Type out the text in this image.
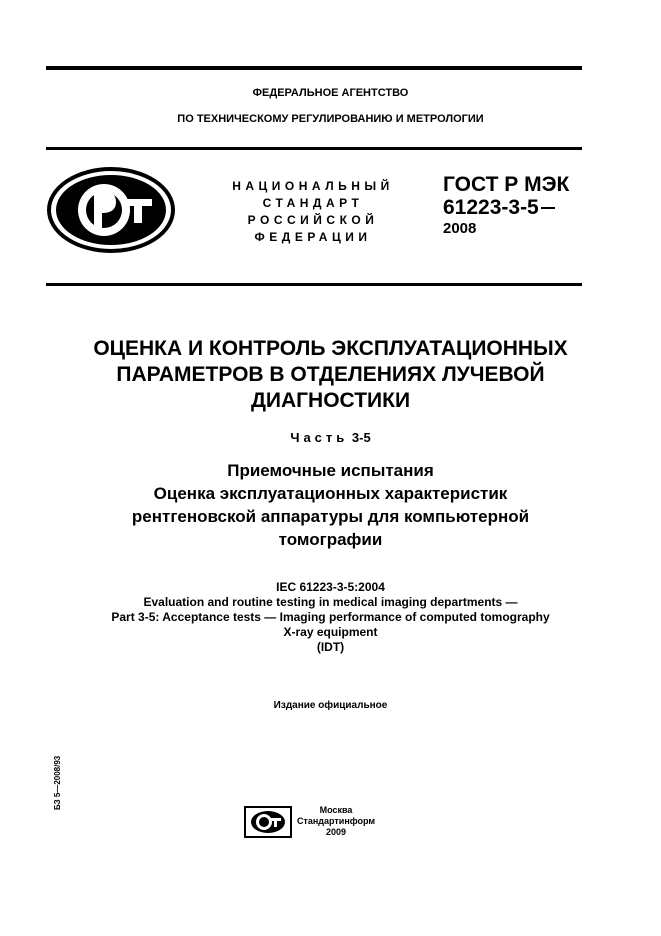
ФЕДЕРАЛЬНОЕ АГЕНТСТВО
ПО ТЕХНИЧЕСКОМУ РЕГУЛИРОВАНИЮ И МЕТРОЛОГИИ
НАЦИОНАЛЬНЫЙ
СТАНДАРТ
РОССИЙСКОЙ
ФЕДЕРАЦИИ
ГОСТ Р МЭК
61223-3-5
2008
ОЦЕНКА И КОНТРОЛЬ ЭКСПЛУАТАЦИОННЫХ
ПАРАМЕТРОВ В ОТДЕЛЕНИЯХ ЛУЧЕВОЙ
ДИАГНОСТИКИ
Часть 3-5
Приемочные испытания
Оценка эксплуатационных характеристик
рентгеновской аппаратуры для компьютерной
томографии
IEC 61223-3-5:2004
Evaluation and routine testing in medical imaging departments —
Part 3-5: Acceptance tests — Imaging performance of computed tomography
X-ray equipment
(IDT)
Издание официальное
БЗ 5—2008/93	Москва
Стандартинформ
2009
